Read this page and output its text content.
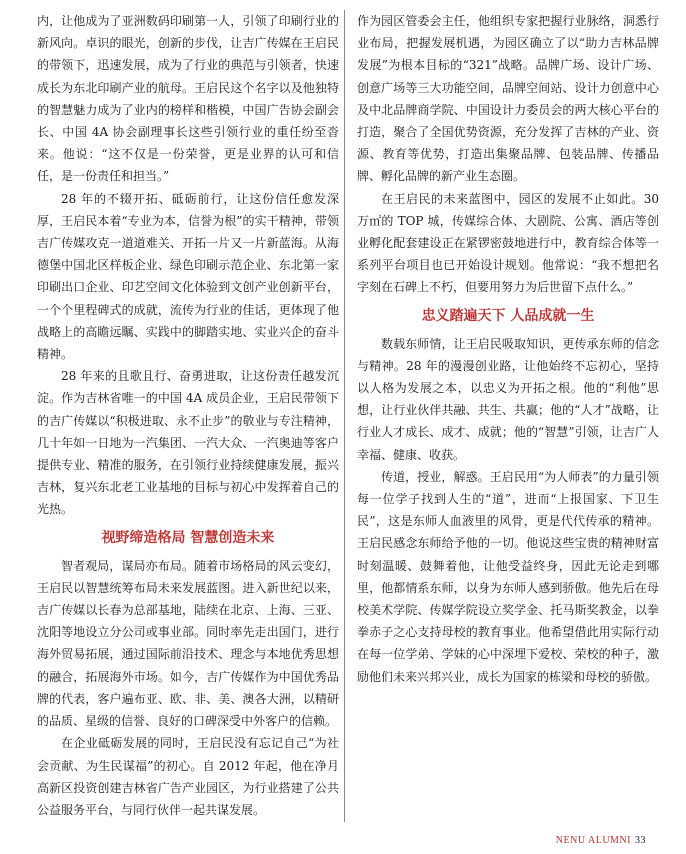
内，让他成为了亚洲数码印刷第一人，引领了印刷行业的新风向。卓识的眼光，创新的步伐，让吉广传媒在王启民的带领下，迅速发展，成为了行业的典范与引领者，快速成长为东北印刷产业的航母。王启民这个名字以及他独特的智慧魅力成为了业内的榜样和楷模，中国广告协会副会长、中国 4A 协会副理事长这些引领行业的重任纷至沓来。他说：“这不仅是一份荣誉，更是业界的认可和信任，是一份责任和担当。”

28 年的不辍开拓、砥砺前行，让这份信任愈发深厚，王启民本着“专业为本，信誉为根”的实干精神，带领吉广传媒攻克一道道难关、开拓一片又一片新蓝海。从海德堡中国北区样板企业、绿色印刷示范企业、东北第一家印刷出口企业、印艺空间文化体验到文创产业创新平台，一个个里程碑式的成就，流传为行业的佳话，更体现了他战略上的高瞻远瞩、实践中的脚踏实地、实业兴企的奋斗精神。

28 年来的且歌且行、奋勇进取，让这份责任越发沉淀。作为吉林省唯一的中国 4A 成员企业，王启民带领下的吉广传媒以“积极进取、永不止步”的敬业与专注精神，几十年如一日地为一汽集团、一汽大众、一汽奥迪等客户提供专业、精准的服务，在引领行业持续健康发展，振兴吉林，复兴东北老工业基地的目标与初心中发挥着自己的光热。

视野缔造格局 智慧创造未来

智者观局，谋局亦布局。随着市场格局的风云变幻，王启民以智慧统筹布局未来发展蓝图。进入新世纪以来，吉广传媒以长春为总部基地，陆续在北京、上海、三亚、沈阳等地设立分公司或事业部。同时率先走出国门，进行海外贸易拓展，通过国际前沿技术、理念与本地优秀思想的融合，拓展海外市场。如今，吉广传媒作为中国优秀品牌的代表，客户遍布亚、欧、非、美、澳各大洲，以精研的品质、星级的信誉、良好的口碑深受中外客户的信赖。

在企业砥砺发展的同时，王启民没有忘记自己“为社会贡献、为生民谋福”的初心。自 2012 年起，他在净月高新区投资创建吉林省广告产业园区，为行业搭建了公共公益服务平台，与同行伙伴一起共谋发展。

作为园区管委会主任，他组织专家把握行业脉络，洞悉行业布局，把握发展机遇，为园区确立了以“助力吉林品牌发展”为根本目标的“321”战略。品牌广场、设计广场、创意广场等三大功能空间，品牌空间站、设计力创意中心及中北品牌商学院、中国设计力委员会的两大核心平台的打造，聚合了全国优势资源，充分发挥了吉林的产业、资源、教育等优势，打造出集聚品牌、包装品牌、传播品牌、孵化品牌的新产业生态圈。

在王启民的未来蓝图中，园区的发展不止如此。30 万㎡的 TOP 城，传媒综合体、大剧院、公寓、酒店等创业孵化配套建设正在紧锣密鼓地进行中，教育综合体等一系列平台项目也已开始设计规划。他常说：“我不想把名字刻在石碑上不朽，但要用努力为后世留下点什么。”

忠义踏遍天下 人品成就一生

数载东师情，让王启民吸取知识，更传承东师的信念与精神。28 年的漫漫创业路，让他始终不忘初心，坚持以人格为发展之本，以忠义为开拓之根。他的“利他”思想，让行业伙伴共融、共生、共赢；他的“人才”战略，让行业人才成长、成才、成就；他的“智慧”引领，让吉广人幸福、健康、收获。

传道，授业，解惑。王启民用“为人师表”的力量引领每一位学子找到人生的“道”，进而“上报国家、下卫生民”，这是东师人血液里的风骨，更是代代传承的精神。王启民感念东师给予他的一切。他说这些宝贵的精神财富时刻温暖、鼓舞着他，让他受益终身，因此无论走到哪里，他都情系东师，以身为东师人感到骄傲。他先后在母校美术学院、传媒学院设立奖学金、托马斯奖教金，以拳拳赤子之心支持母校的教育事业。他希望借此用实际行动在每一位学弟、学妹的心中深埋下爱校、荣校的种子，激励他们未来兴邦兴业，成长为国家的栋梁和母校的骄傲。

NENU ALUMNI 33
